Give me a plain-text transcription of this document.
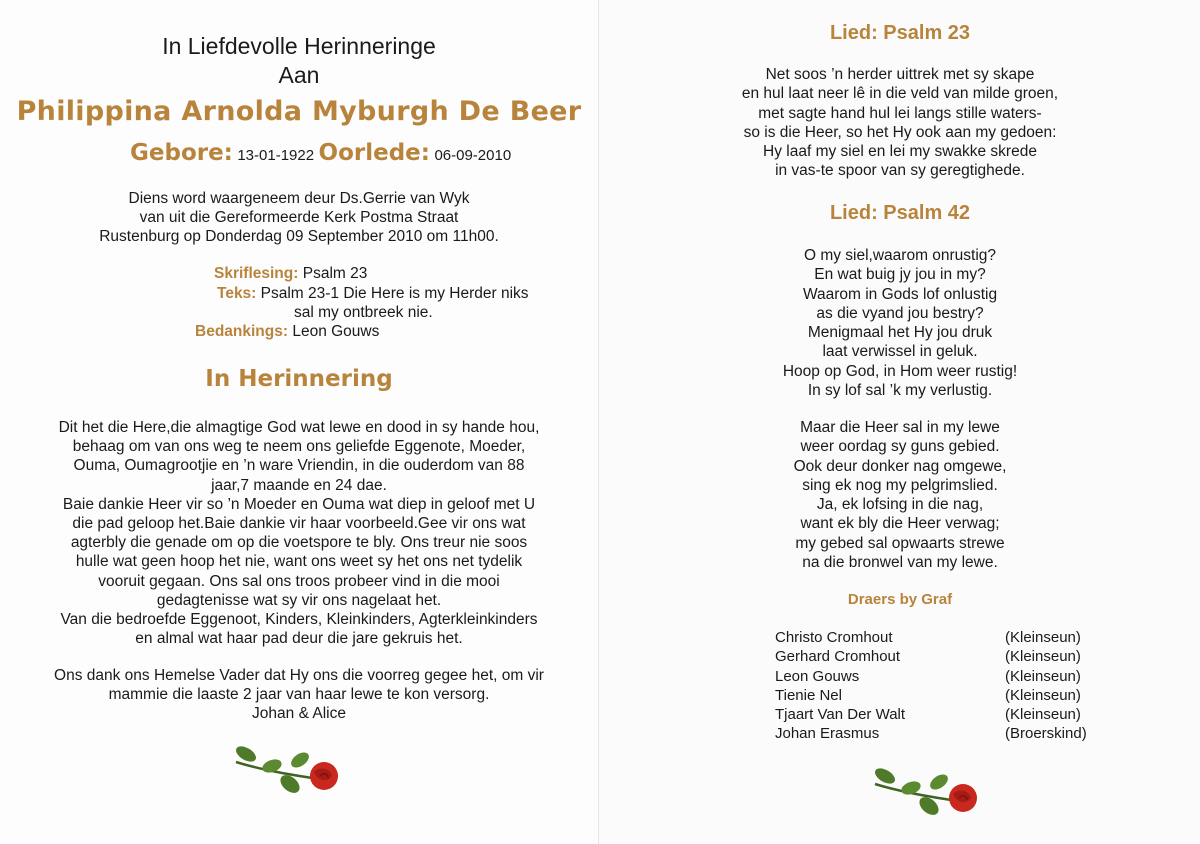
In Liefdevolle Herinneringe
Aan
Philippina Arnolda Myburgh De Beer
Gebore: 13-01-1922 Oorlede: 06-09-2010
Diens word waargeneem deur Ds.Gerrie van Wyk
van uit die Gereformeerde Kerk Postma Straat
Rustenburg op Donderdag 09 September 2010 om 11h00.
Skriflesing: Psalm 23
Teks: Psalm 23-1 Die Here is my Herder niks
sal my ontbreek nie.
Bedankings: Leon Gouws
In Herinnering
Dit het die Here,die almagtige God wat lewe en dood in sy hande hou,
behaag om van ons weg te neem ons geliefde Eggenote, Moeder,
Ouma, Oumagrootjie en ’n ware Vriendin, in die ouderdom van 88
jaar,7 maande en 24 dae.
Baie dankie Heer vir so ’n Moeder en Ouma wat diep in geloof met U
die pad geloop het.Baie dankie vir haar voorbeeld.Gee vir ons wat
agterbly die genade om op die voetspore te bly. Ons treur nie soos
hulle wat geen hoop het nie, want ons weet sy het ons net tydelik
vooruit gegaan. Ons sal ons troos probeer vind in die mooi
gedagtenisse wat sy vir ons nagelaat het.
Van die bedroefde Eggenoot, Kinders, Kleinkinders, Agterkleinkinders
en almal wat haar pad deur die jare gekruis het.
Ons dank ons Hemelse Vader dat Hy ons die voorreg gegee het, om vir
mammie die laaste 2 jaar van haar lewe te kon versorg.
Johan & Alice
Lied: Psalm 23
Net soos ’n herder uittrek met sy skape
en hul laat neer lê in die veld van milde groen,
met sagte hand hul lei langs stille waters-
so is die Heer, so het Hy ook aan my gedoen:
Hy laaf my siel en lei my swakke skrede
in vas-te spoor van sy geregtighede.
Lied: Psalm 42
O my siel,waarom onrustig?
En wat buig jy jou in my?
Waarom in Gods lof onlustig
as die vyand jou bestry?
Menigmaal het Hy jou druk
laat verwissel in geluk.
Hoop op God, in Hom weer rustig!
In sy lof sal ’k my verlustig.
Maar die Heer sal in my lewe
weer oordag sy guns gebied.
Ook deur donker nag omgewe,
sing ek nog my pelgrimslied.
Ja, ek lofsing in die nag,
want ek bly die Heer verwag;
my gebed sal opwaarts strewe
na die bronwel van my lewe.
Draers by Graf
Christo Cromhout	(Kleinseun)
Gerhard Cromhout	(Kleinseun)
Leon Gouws	(Kleinseun)
Tienie Nel	(Kleinseun)
Tjaart Van Der Walt	(Kleinseun)
Johan Erasmus	(Broerskind)
